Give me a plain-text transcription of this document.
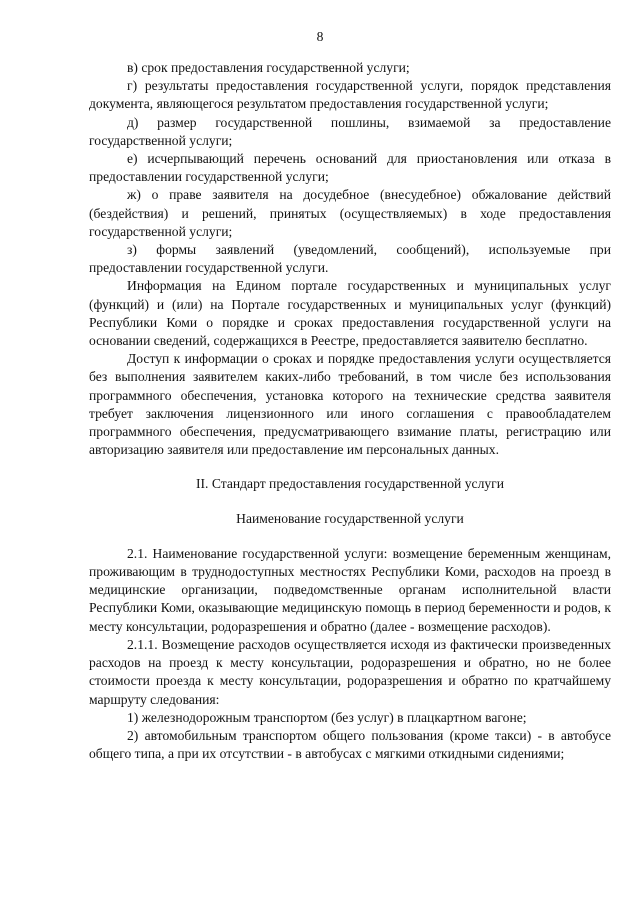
8

в) срок предоставления государственной услуги;

г) результаты предоставления государственной услуги, порядок представления документа, являющегося результатом предоставления государственной услуги;

д) размер государственной пошлины, взимаемой за предоставление государственной услуги;

е) исчерпывающий перечень оснований для приостановления или отказа в предоставлении государственной услуги;

ж) о праве заявителя на досудебное (внесудебное) обжалование действий (бездействия) и решений, принятых (осуществляемых) в ходе предоставления государственной услуги;

з) формы заявлений (уведомлений, сообщений), используемые при предоставлении государственной услуги.

Информация на Едином портале государственных и муниципальных услуг (функций) и (или) на Портале государственных и муниципальных услуг (функций) Республики Коми о порядке и сроках предоставления государственной услуги на основании сведений, содержащихся в Реестре, предоставляется заявителю бесплатно.

Доступ к информации о сроках и порядке предоставления услуги осуществляется без выполнения заявителем каких-либо требований, в том числе без использования программного обеспечения, установка которого на технические средства заявителя требует заключения лицензионного или иного соглашения с правообладателем программного обеспечения, предусматривающего взимание платы, регистрацию или авторизацию заявителя или предоставление им персональных данных.

II. Стандарт предоставления государственной услуги

Наименование государственной услуги

2.1. Наименование государственной услуги: возмещение беременным женщинам, проживающим в труднодоступных местностях Республики Коми, расходов на проезд в медицинские организации, подведомственные органам исполнительной власти Республики Коми, оказывающие медицинскую помощь в период беременности и родов, к месту консультации, родоразрешения и обратно (далее - возмещение расходов).

2.1.1. Возмещение расходов осуществляется исходя из фактически произведенных расходов на проезд к месту консультации, родоразрешения и обратно, но не более стоимости проезда к месту консультации, родоразрешения и обратно по кратчайшему маршруту следования:

1) железнодорожным транспортом (без услуг) в плацкартном вагоне;

2) автомобильным транспортом общего пользования (кроме такси) - в автобусе общего типа, а при их отсутствии - в автобусах с мягкими откидными сидениями;
